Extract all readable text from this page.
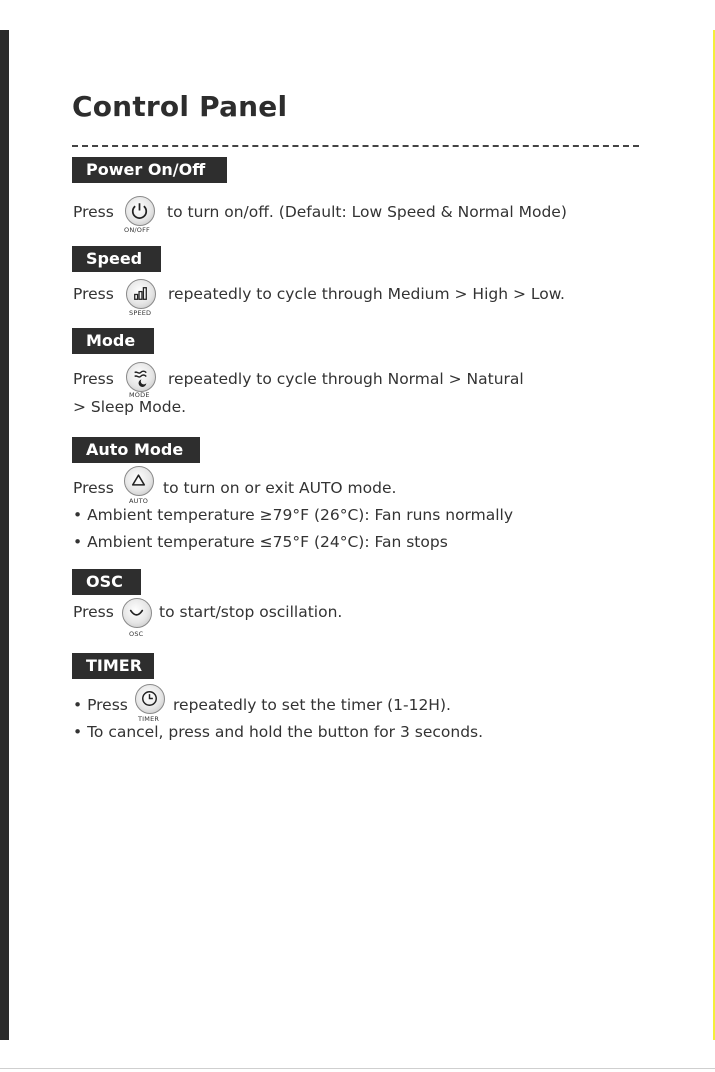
Control Panel
Power On/Off
Press	to turn on/off. (Default: Low Speed & Normal Mode)
ON/OFF
Speed
Press	repeatedly to cycle through Medium > High > Low.
SPEED
Mode
Press	repeatedly to cycle through Normal > Natural
> Sleep Mode.
MODE
Auto Mode
Press	to turn on or exit AUTO mode.
AUTO
• Ambient temperature ≥79°F (26°C): Fan runs normally
• Ambient temperature ≤75°F (24°C): Fan stops
OSC
Press	to start/stop oscillation.
OSC
TIMER
• Press	repeatedly to set the timer (1-12H).
TIMER
• To cancel, press and hold the button for 3 seconds.
